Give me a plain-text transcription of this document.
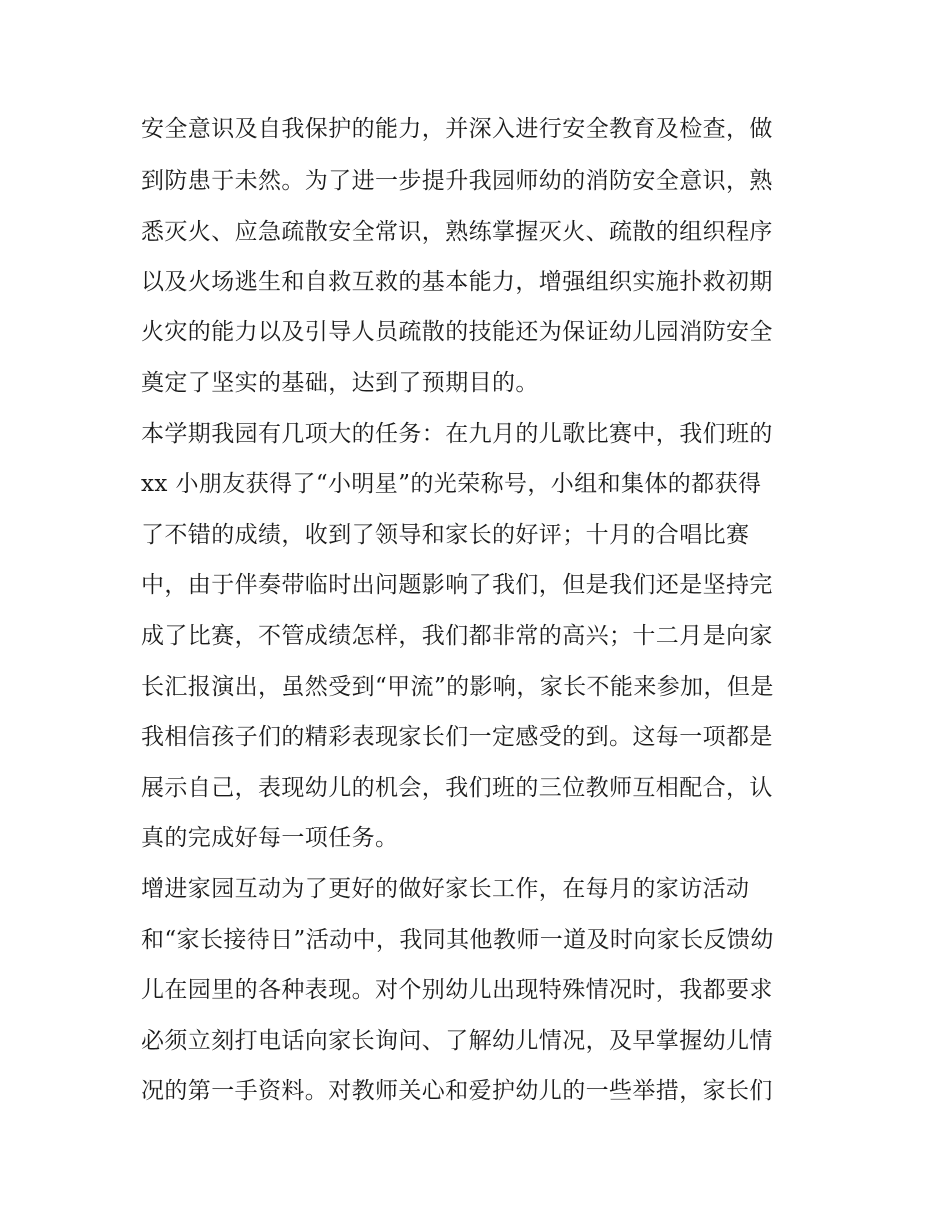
安全意识及自我保护的能力，并深入进行安全教育及检查，做

到防患于未然。为了进一步提升我园师幼的消防安全意识，熟

悉灭火、应急疏散安全常识，熟练掌握灭火、疏散的组织程序

以及火场逃生和自救互救的基本能力，增强组织实施扑救初期

火灾的能力以及引导人员疏散的技能还为保证幼儿园消防安全

奠定了坚实的基础，达到了预期目的。

本学期我园有几项大的任务：在九月的儿歌比赛中，我们班的

xx 小朋友获得了“小明星”的光荣称号，小组和集体的都获得

了不错的成绩，收到了领导和家长的好评；十月的合唱比赛

中，由于伴奏带临时出问题影响了我们，但是我们还是坚持完

成了比赛，不管成绩怎样，我们都非常的高兴；十二月是向家

长汇报演出，虽然受到“甲流”的影响，家长不能来参加，但是

我相信孩子们的精彩表现家长们一定感受的到。这每一项都是

展示自己，表现幼儿的机会，我们班的三位教师互相配合，认

真的完成好每一项任务。

增进家园互动为了更好的做好家长工作，在每月的家访活动

和“家长接待日”活动中，我同其他教师一道及时向家长反馈幼

儿在园里的各种表现。对个别幼儿出现特殊情况时，我都要求

必须立刻打电话向家长询问、了解幼儿情况，及早掌握幼儿情

况的第一手资料。对教师关心和爱护幼儿的一些举措，家长们
